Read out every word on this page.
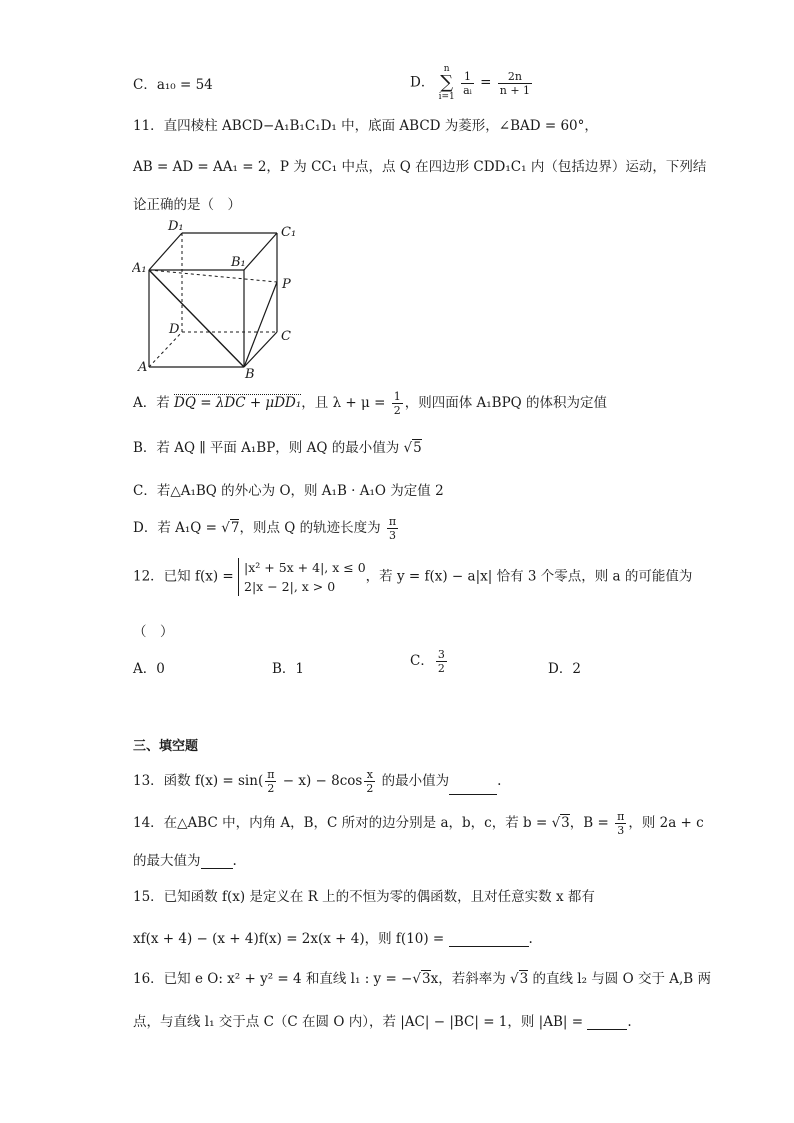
C．a₁₀ = 54	D．
n
∑
i=1

$\frac{1}{\text{aᵢ}} = \frac{2n}{n + 1}$
11．直四棱柱 ABCD−A₁B₁C₁D₁ 中，底面 ABCD 为菱形，∠BAD = 60°，
AB = AD = AA₁ = 2，P 为 CC₁ 中点，点 Q 在四边形 CDD₁C₁ 内（包括边界）运动，下列结
论正确的是（　）
D₁	C₁
A₁	B₁
P
D	C
A	B
A．若 DQ = λDC + μDD₁，且 $\lambda + \mu = \frac{1}{2}$ ，则四面体 A₁BPQ 的体积为定值
B．若 AQ ∥ 平面 A₁BP，则 AQ 的最小值为 √5
C．若△A₁BQ 的外心为 O，则 A₁B · A₁O 为定值 2
D．若 A₁Q = √7，则点 Q 的轨迹长度为 $\frac{\pi}{3}$
12．已知 f(x) =
|x² + 5x + 4|, x ≤ 0
2|x − 2|, x > 0
，若 y = f(x) − a|x| 恰有 3 个零点，则 a 的可能值为
（　）
A．0	B．1	C． $\frac{3}{2}$	D．2
三、填空题
13．函数 $f(x) = \sin( \frac{\pi}{2} - x) - 8\cos \frac{x}{2}$ 的最小值为	.
14．在△ABC 中，内角 A，B，C 所对的边分别是 a，b，c，若 b = √3，$B = \frac{\pi}{3}$ ，则 2a + c
的最大值为 .
15．已知函数 f(x) 是定义在 R 上的不恒为零的偶函数，且对任意实数 x 都有
xf(x + 4) − (x + 4)f(x) = 2x(x + 4)，则 f(10) =	.
16．已知 e O: x² + y² = 4 和直线 l₁ : y = −√3x，若斜率为 √3 的直线 l₂ 与圆 O 交于 A,B 两
点，与直线 l₁ 交于点 C（C 在圆 O 内），若 |AC| − |BC| = 1，则 |AB| =	.
